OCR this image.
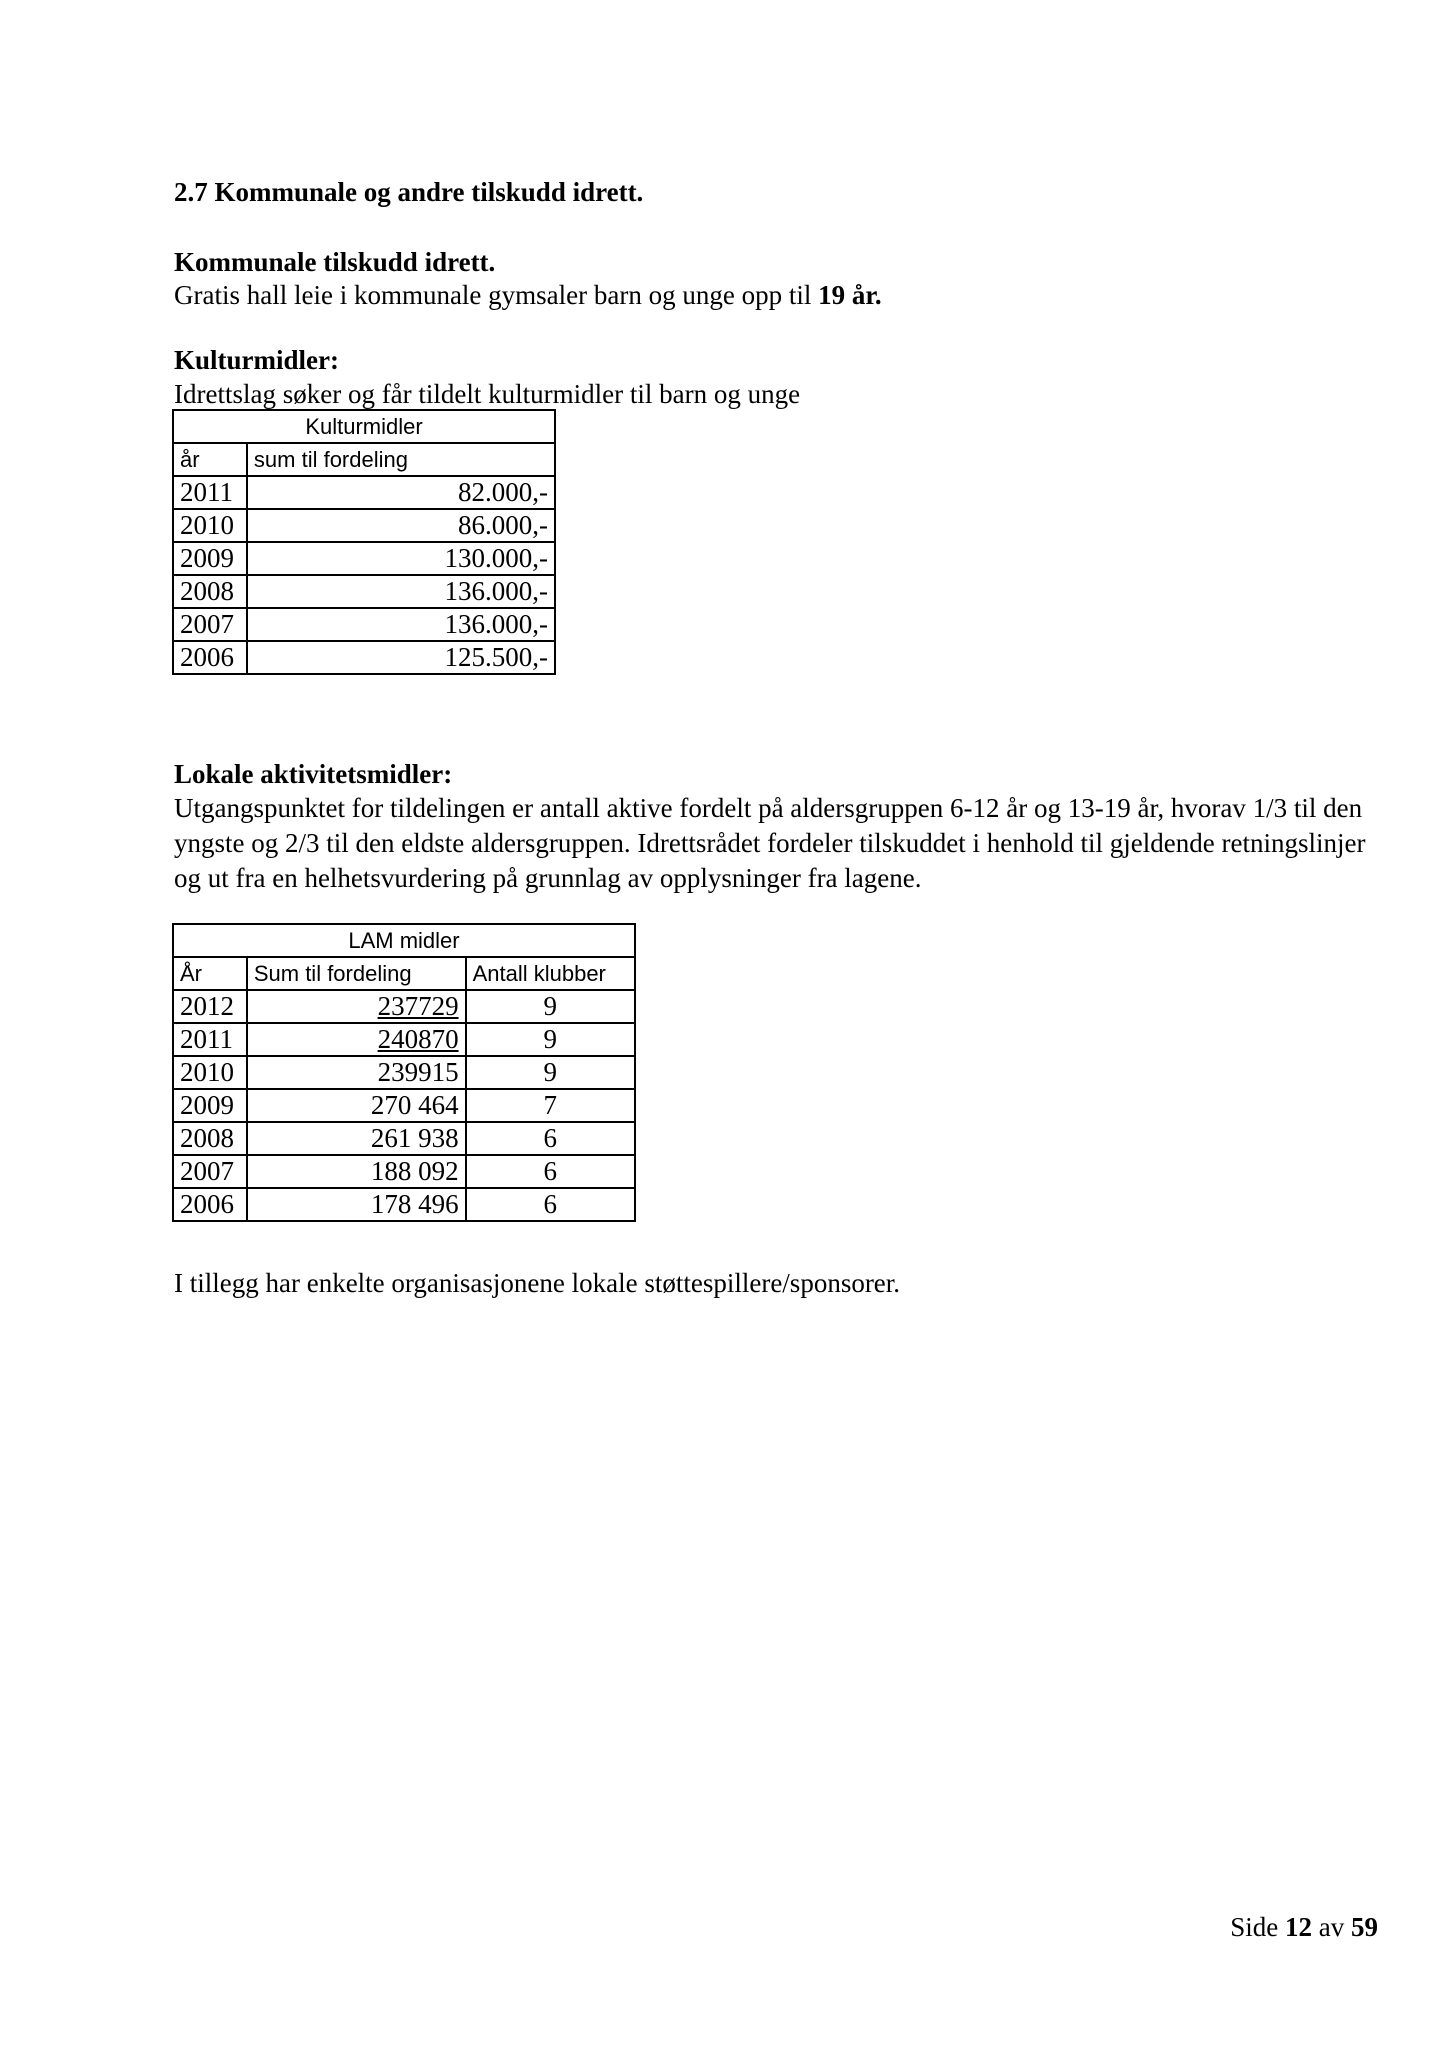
2.7 Kommunale og andre tilskudd idrett.
Kommunale tilskudd idrett.
Gratis hall leie i kommunale gymsaler barn og unge opp til 19 år.
Kulturmidler:
Idrettslag søker og får tildelt kulturmidler til barn og unge
Kulturmidler	
år	sum til fordeling
2011	82.000,-
2010	86.000,-
2009	130.000,-
2008	136.000,-
2007	136.000,-
2006	125.500,-
Lokale aktivitetsmidler:
Utgangspunktet for tildelingen er antall aktive fordelt på aldersgruppen 6-12 år og 13-19 år, hvorav 1/3 til den yngste og 2/3 til den eldste aldersgruppen. Idrettsrådet fordeler tilskuddet i henhold til gjeldende retningslinjer og ut fra en helhetsvurdering på grunnlag av opplysninger fra lagene.
LAM midler		
År	Sum til fordeling	Antall klubber
2012	237729	9
2011	240870	9
2010	239915	9
2009	270 464	7
2008	261 938	6
2007	188 092	6
2006	178 496	6
I tillegg har enkelte organisasjonene lokale støttespillere/sponsorer.
Side 12 av 59
